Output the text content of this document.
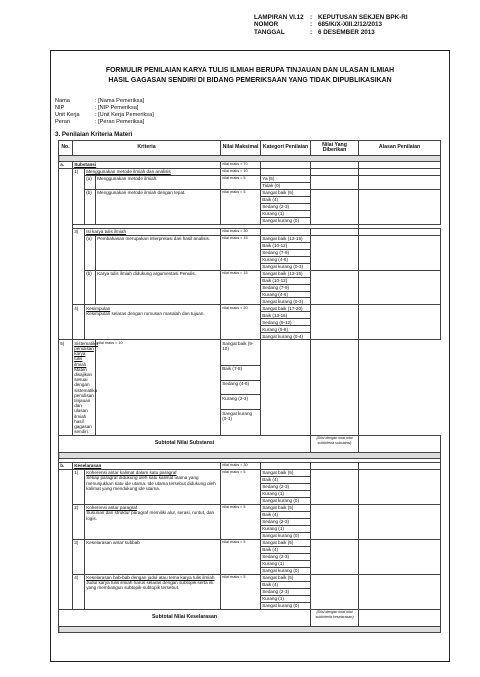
LAMPIRAN VI.12	: KEPUTUSAN SEKJEN BPK-RI
NOMOR	: 685/K/X-XIII.2/12/2013
TANGGAL	: 6 DESEMBER 2013
FORMULIR PENILAIAN KARYA TULIS ILMIAH BERUPA TINJAUAN DAN ULASAN ILMIAH
HASIL GAGASAN SENDIRI DI BIDANG PEMERIKSAAN YANG TIDAK DIPUBLIKASIKAN
Nama	: [Nama Pemeriksa]
NIP	: [NIP Pemeriksa]
Unit Kerja	: [Unit Kerja Pemeriksa]
Peran	: [Peran Pemeriksa]
3. Penilaian Kriteria Materi
No.	Kriteria			Nilai Maksimal	Kategori Penilaian	Nilai Yang Diberikan	Alasan Penilaian

a.	Substansi			nilai maks = 70			
	1)	Menggunakan metode ilmiah dan analisis		nilai maks = 10			
		(a)	Menggunakan metode ilmiah.	nilai maks = 5	Ya (5)		
					Tidak (0)		
		(b)	Menggunakan metode ilmiah dengan tepat.	nilai maks = 5	Sangat baik (5)		
					Baik (4)		
					Sedang (2-3)		
					Kurang (1)		
					Sangat kurang (0)		

	3)	Isi karya tulis ilmiah		nilai maks = 30			
		(a)	Pembahasan merupakan interpretasi dari hasil analisis.	nilai maks = 15	Sangat baik (13-15)		
					Baik (10-12)		
					Sedang (7-9)		
					Kurang (4-6)		
					Sangat kurang (0-3)		
		(b)	Karya tulis ilmiah didukung argumentasi Penulis.	nilai maks = 15	Sangat baik (13-15)		
					Baik (10-12)		
					Sedang (7-9)		
					Kurang (4-6)		
					Sangat kurang (0-3)		
	4)	Kesimpulan
Kesimpulan selaras dengan rumusan masalah dan tujuan.		nilai maks = 20	Sangat baik (17-20)		
					Baik (13-16)		
					Sedang (9-12)		
					Kurang (5-8)		
					Sangat kurang (0-4)		
5)	Sistematika penulisan karya tulis ilmiah
Materi disajikan sesuai dengan sistematika penulisan tinjauan dan ulasan ilmiah hasil gagasan sendiri.		nilai maks = 10	Sangat baik (9-10)			
				Baik (7-8)			
				Sedang (4-6)			
				Kurang (2-3)			
				Sangat kurang (0-1)			
Subtotal Nilai Substansi						(Diisi dengan total nilai subkriteria substansi)	

b.	Keselarasan			nilai maks = 30			
	1)	Koherensi antar kalimat dalam satu paragraf
Setiap paragraf didukung oleh satu kalimat utama yang menunjukkan satu ide utama. Ide utama tersebut didukung oleh kalimat yang mendukung ide utama.		nilai maks = 5	Sangat baik (5)		
					Baik (4)		
					Sedang (2-3)		
					Kurang (1)		
					Sangat kurang (0)		
	2)	Koherensi antar paragraf
Susunan dan struktur paragraf memiliki alur, serasi, runtut, dan logis.		nilai maks = 5	Sangat baik (5)		
					Baik (4)		
					Sedang (2-3)		
					Kurang (1)		
					Sangat kurang (0)		
	3)	Keselarasan antar subbab		nilai maks = 5	Sangat baik (5)		
					Baik (4)		
					Sedang (2-3)		
					Kurang (1)		
					Sangat kurang (0)		
	4)	Keselarasan bab-bab dengan judul atau tema karya tulis ilmiah
Judul karya tulis ilmiah harus selaras dengan subtopik serta isi yang membangun subtopik-subtopik tersebut.		nilai maks = 5	Sangat baik (5)		
					Baik (4)		
					Sedang (2-3)		
					Kurang (1)		
					Sangat kurang (0)		
Subtotal Nilai Keselarasan						(Diisi dengan total nilai subkriteria keselarasan)	
